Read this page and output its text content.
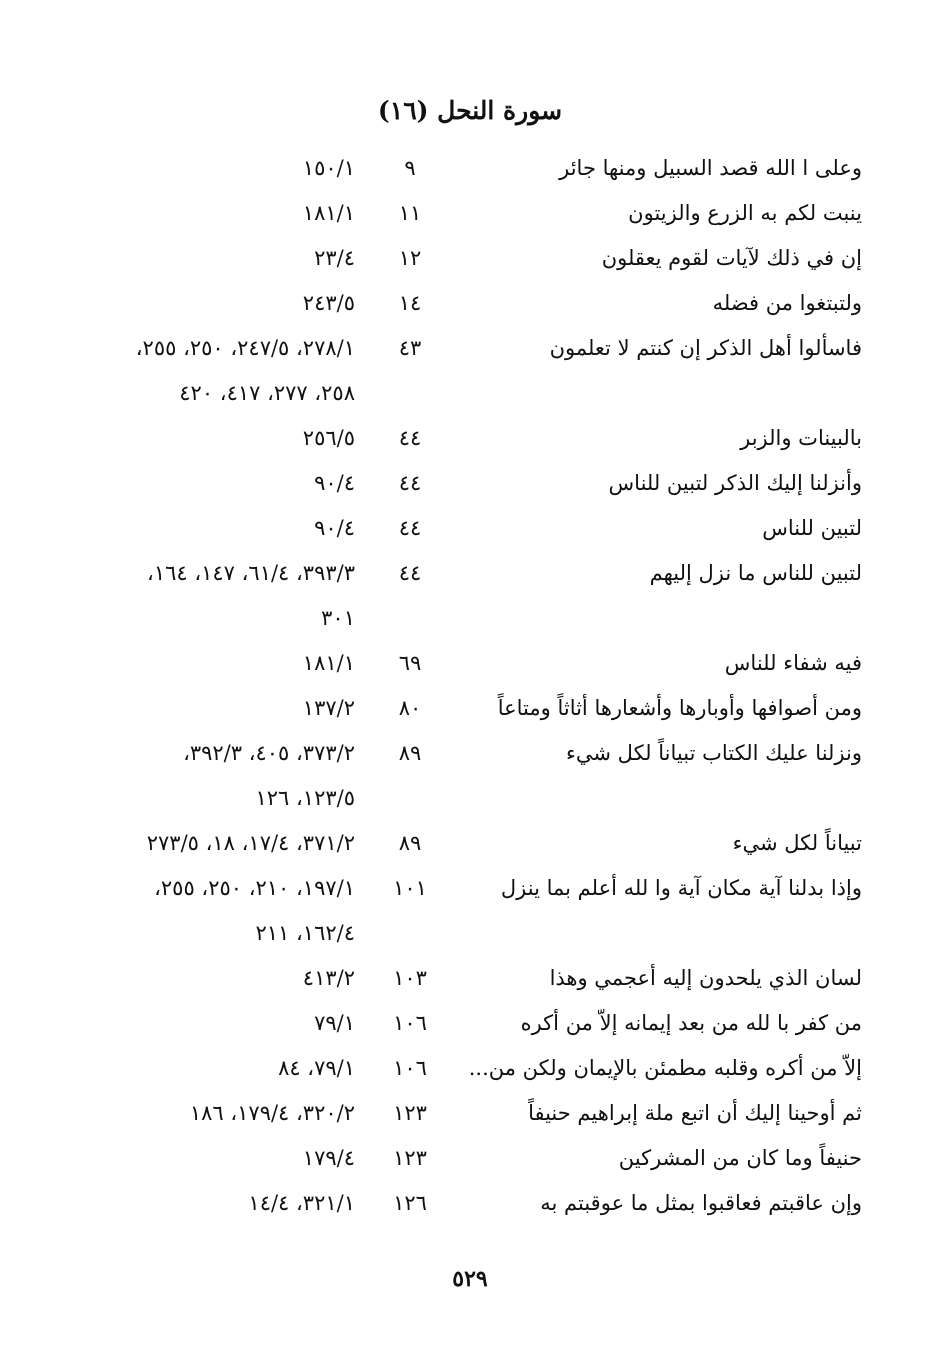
سورة النحل (١٦)
وعلى ا الله قصد السبيل ومنها جائر
٩
١٥٠/١
ينبت لكم به الزرع والزيتون
١١
١٨١/١
إن في ذلك لآيات لقوم يعقلون
١٢
٢٣/٤
ولتبتغوا من فضله
١٤
٢٤٣/٥
فاسألوا أهل الذكر إن كنتم لا تعلمون
٤٣
٢٧٨/١، ٢٤٧/٥، ٢٥٠، ٢٥٥،
٢٥٨، ٢٧٧، ٤١٧، ٤٢٠
بالبينات والزبر
٤٤
٢٥٦/٥
وأنزلنا إليك الذكر لتبين للناس
٤٤
٩٠/٤
لتبين للناس
٤٤
٩٠/٤
لتبين للناس ما نزل إليهم
٤٤
٣٩٣/٣، ٦١/٤، ١٤٧، ١٦٤،
٣٠١
فيه شفاء للناس
٦٩
١٨١/١
ومن أصوافها وأوبارها وأشعارها أثاثاً ومتاعاً
٨٠
١٣٧/٢
ونزلنا عليك الكتاب تبياناً لكل شيء
٨٩
٣٧٣/٢، ٤٠٥، ٣٩٢/٣،
١٢٣/٥، ١٢٦
تبياناً لكل شيء
٨٩
٣٧١/٢، ١٧/٤، ١٨، ٢٧٣/٥
وإذا بدلنا آية مكان آية وا لله أعلم بما ينزل
١٠١
١٩٧/١، ٢١٠، ٢٥٠، ٢٥٥،
١٦٢/٤، ٢١١
لسان الذي يلحدون إليه أعجمي وهذا
١٠٣
٤١٣/٢
من كفر با لله من بعد إيمانه إلاّ من أكره
١٠٦
٧٩/١
إلاّ من أكره وقلبه مطمئن بالإيمان ولكن من...
١٠٦
٧٩/١، ٨٤
ثم أوحينا إليك أن اتبع ملة إبراهيم حنيفاً
١٢٣
٣٢٠/٢، ١٧٩/٤، ١٨٦
حنيفاً وما كان من المشركين
١٢٣
١٧٩/٤
وإن عاقبتم فعاقبوا بمثل ما عوقبتم به
١٢٦
٣٢١/١، ١٤/٤
٥٢٩
